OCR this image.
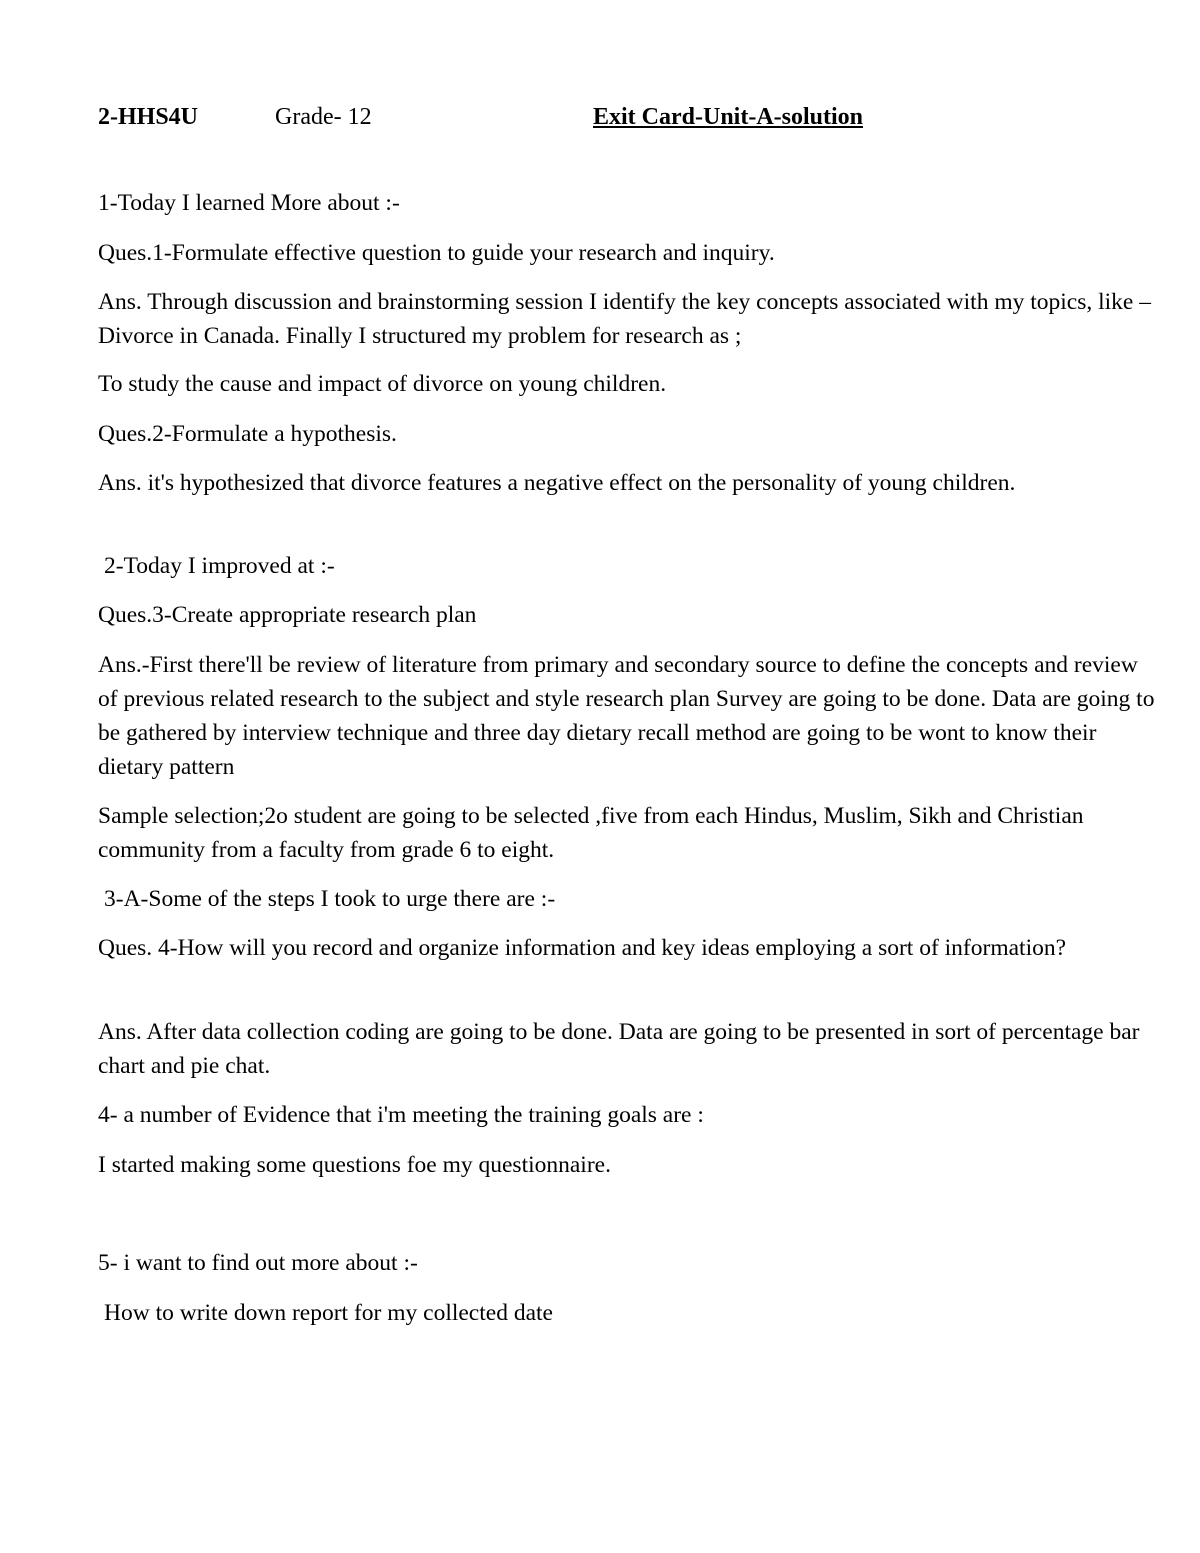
2-HHS4U	Grade- 12	Exit Card-Unit-A-solution

1-Today I learned More about :-

Ques.1-Formulate effective question to guide your research and inquiry.

Ans. Through discussion and brainstorming session I identify the key concepts associated with my topics, like –Divorce in Canada. Finally I structured my problem for research as ;

To study the cause and impact of divorce on young children.

Ques.2-Formulate a hypothesis.

Ans. it's hypothesized that divorce features a negative effect on the personality of young children.

2-Today I improved at :-

Ques.3-Create appropriate research plan

Ans.-First there'll be review of literature from primary and secondary source to define the concepts and review of previous related research to the subject and style research plan Survey are going to be done. Data are going to be gathered by interview technique and three day dietary recall method are going to be wont to know their dietary pattern

Sample selection;2o student are going to be selected ,five from each Hindus, Muslim, Sikh and Christian community from a faculty from grade 6 to eight.

3-A-Some of the steps I took to urge there are :-

Ques. 4-How will you record and organize information and key ideas employing a sort of information?

Ans. After data collection coding are going to be done. Data are going to be presented in sort of percentage bar chart and pie chat.

4- a number of Evidence that i'm meeting the training goals are :

I started making some questions foe my questionnaire.

5- i want to find out more about :-

How to write down report for my collected date
